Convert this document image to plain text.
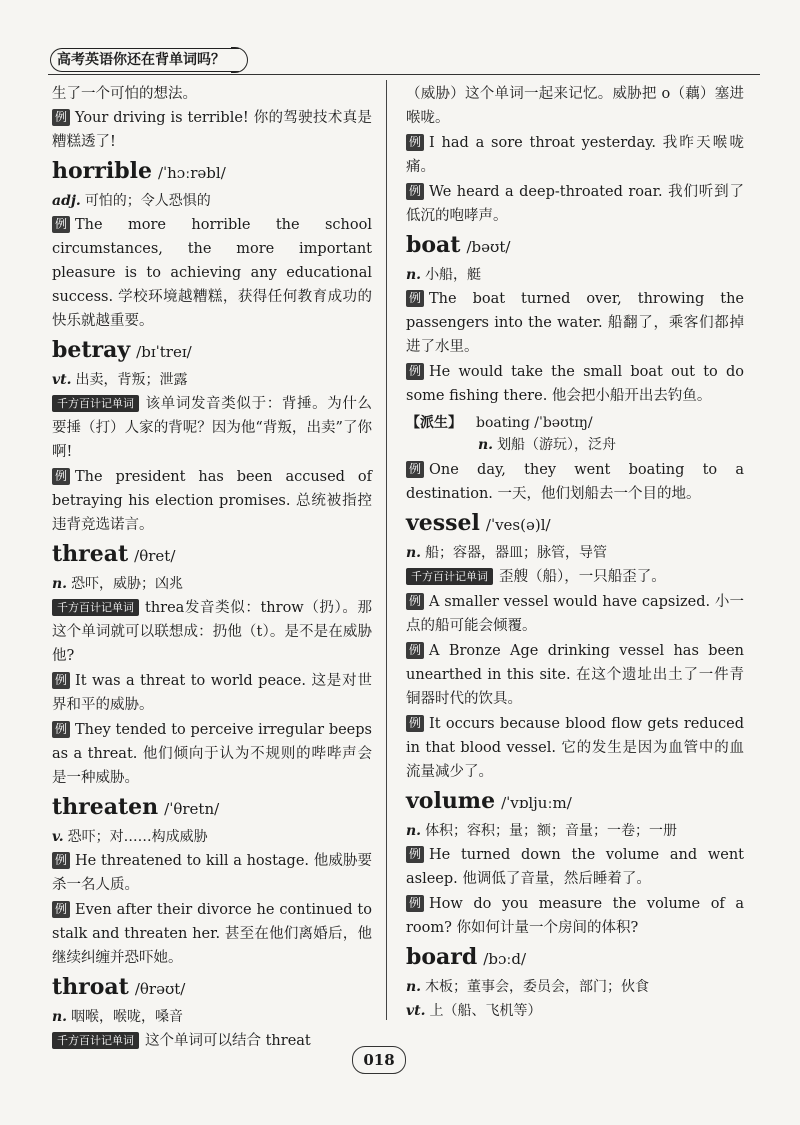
高考英语你还在背单词吗？

生了一个可怕的想法。

例 Your driving is terrible! 你的驾驶技术真是糟糕透了!

horrible /ˈhɔːrəbl/
adj. 可怕的；令人恐惧的

例 The more horrible the school circumstances, the more important pleasure is to achieving any educational success. 学校环境越糟糕，获得任何教育成功的快乐就越重要。

betray /bɪˈtreɪ/
vt. 出卖，背叛；泄露

千方百计记单词 该单词发音类似于：背捶。为什么要捶（打）人家的背呢？因为他“背叛，出卖”了你啊!

例 The president has been accused of betraying his election promises. 总统被指控违背竞选诺言。

threat /θret/
n. 恐吓，威胁；凶兆

千方百计记单词 threa发音类似：throw（扔）。那这个单词就可以联想成：扔他（t）。是不是在威胁他?

例 It was a threat to world peace. 这是对世界和平的威胁。

例 They tended to perceive irregular beeps as a threat. 他们倾向于认为不规则的哔哔声会是一种威胁。

threaten /ˈθretn/
v. 恐吓；对……构成威胁

例 He threatened to kill a hostage. 他威胁要杀一名人质。

例 Even after their divorce he continued to stalk and threaten her. 甚至在他们离婚后，他继续纠缠并恐吓她。

throat /θrəʊt/
n. 咽喉，喉咙，嗓音

千方百计记单词 这个单词可以结合 threat

（威胁）这个单词一起来记忆。威胁把 o（藕）塞进喉咙。

例 I had a sore throat yesterday. 我昨天喉咙痛。

例 We heard a deep-throated roar. 我们听到了低沉的咆哮声。

boat /bəʊt/
n. 小船，艇

例 The boat turned over, throwing the passengers into the water. 船翻了，乘客们都掉进了水里。

例 He would take the small boat out to do some fishing there. 他会把小船开出去钓鱼。

【派生】 boating /ˈbəʊtɪŋ/
n. 划船（游玩），泛舟

例 One day, they went boating to a destination. 一天，他们划船去一个目的地。

vessel /ˈves(ə)l/
n. 船；容器，器皿；脉管，导管

千方百计记单词 歪艘（船），一只船歪了。

例 A smaller vessel would have capsized. 小一点的船可能会倾覆。

例 A Bronze Age drinking vessel has been unearthed in this site. 在这个遗址出土了一件青铜器时代的饮具。

例 It occurs because blood flow gets reduced in that blood vessel. 它的发生是因为血管中的血流量减少了。

volume /ˈvɒljuːm/
n. 体积；容积；量；额；音量；一卷；一册

例 He turned down the volume and went asleep. 他调低了音量，然后睡着了。

例 How do you measure the volume of a room? 你如何计量一个房间的体积?

board /bɔːd/
n. 木板；董事会，委员会，部门；伙食
vt. 上（船、飞机等）
018
